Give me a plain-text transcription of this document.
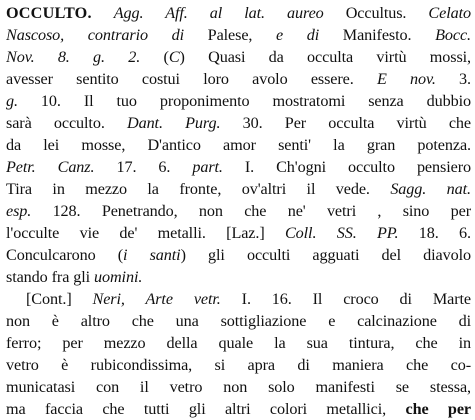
OCCULTO. Agg. Aff. al lat. aureo Occultus. Celato
Nascoso, contrario di Palese, e di Manifesto. Bocc.
Nov. 8. g. 2. (C) Quasi da occulta virtù mossi,
avesser sentito costui loro avolo essere. E nov. 3.
g. 10. Il tuo proponimento mostratomi senza dubbio
sarà occulto. Dant. Purg. 30. Per occulta virtù che
da lei mosse, D'antico amor senti' la gran potenza.
Petr. Canz. 17. 6. part. I. Ch'ogni occulto pensiero
Tira in mezzo la fronte, ov'altri il vede. Sagg. nat.
esp. 128. Penetrando, non che ne' vetri , sino per
l'occulte vie de' metalli. [Laz.] Coll. SS. PP. 18. 6.
Conculcarono (i santi) gli occulti agguati del diavolo
stando fra gli uomini.
[Cont.] Neri, Arte vetr. I. 16. Il croco di Marte
non è altro che una sottigliazione e calcinazione di
ferro; per mezzo della quale la sua tintura, che in
vetro è rubicondissima, si apra di maniera che co-
municatasi con il vetro non solo manifesti se stessa,
ma faccia che tutti gli altri colori metallici, che per
